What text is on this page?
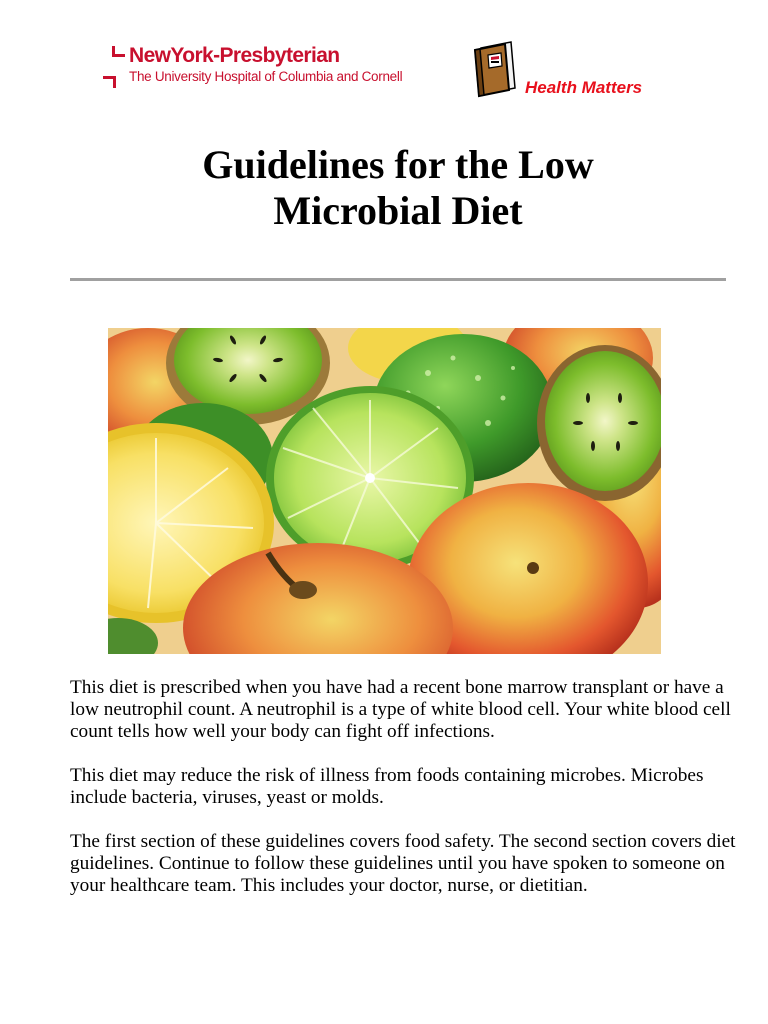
NewYork-Presbyterian
The University Hospital of Columbia and Cornell
Health Matters
Guidelines for the Low
Microbial Diet

This diet is prescribed when you have had a recent bone marrow transplant or have a low neutrophil count. A neutrophil is a type of white blood cell. Your white blood cell count tells how well your body can fight off infections.

This diet may reduce the risk of illness from foods containing microbes. Microbes include bacteria, viruses, yeast or molds.

The first section of these guidelines covers food safety. The second section covers diet guidelines. Continue to follow these guidelines until you have spoken to someone on your healthcare team. This includes your doctor, nurse, or dietitian.
